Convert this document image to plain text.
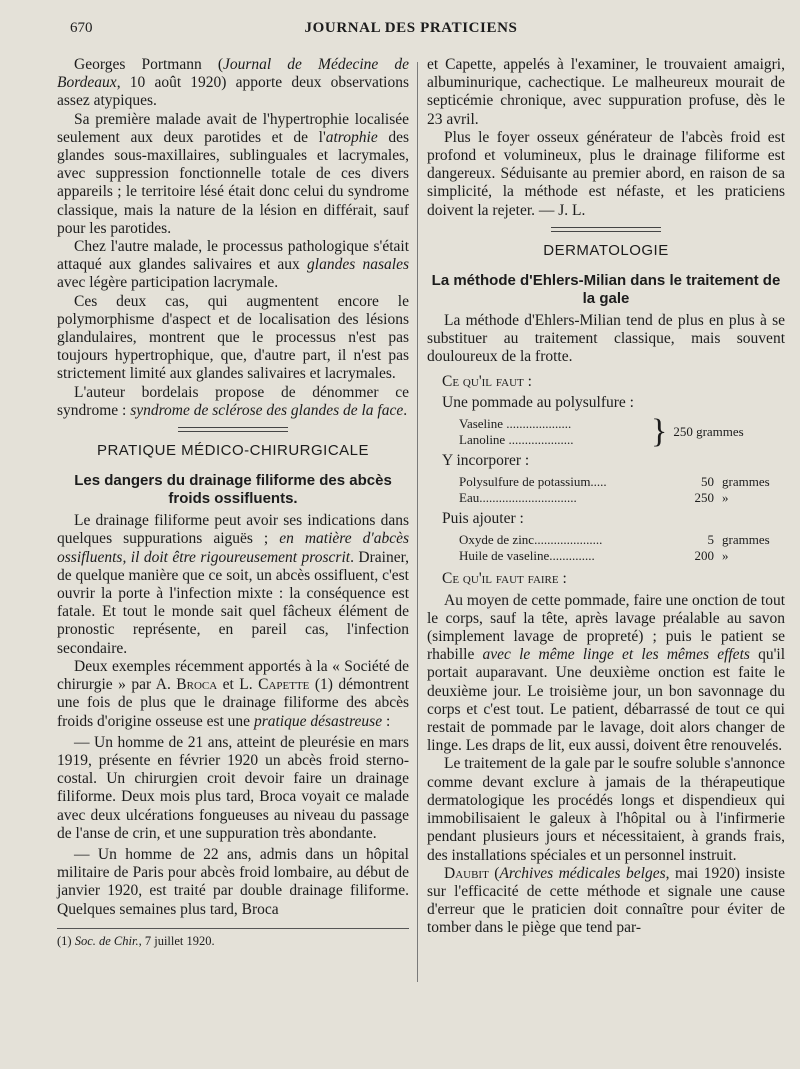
670	JOURNAL DES PRATICIENS

Georges Portmann (Journal de Médecine de Bordeaux, 10 août 1920) apporte deux observations assez atypiques.

Sa première malade avait de l'hypertrophie localisée seulement aux deux parotides et de l'atrophie des glandes sous-maxillaires, sublinguales et lacrymales, avec suppression fonctionnelle totale de ces divers appareils ; le territoire lésé était donc celui du syndrome classique, mais la nature de la lésion en différait, sauf pour les parotides.

Chez l'autre malade, le processus pathologique s'était attaqué aux glandes salivaires et aux glandes nasales avec légère participation lacrymale.

Ces deux cas, qui augmentent encore le polymorphisme d'aspect et de localisation des lésions glandulaires, montrent que le processus n'est pas toujours hypertrophique, que, d'autre part, il n'est pas strictement limité aux glandes salivaires et lacrymales.

L'auteur bordelais propose de dénommer ce syndrome : syndrome de sclérose des glandes de la face.

PRATIQUE MÉDICO-CHIRURGICALE
Les dangers du drainage filiforme des abcès froids ossifluents.

Le drainage filiforme peut avoir ses indications dans quelques suppurations aiguës ; en matière d'abcès ossifluents, il doit être rigoureusement proscrit. Drainer, de quelque manière que ce soit, un abcès ossifluent, c'est ouvrir la porte à l'infection mixte : la conséquence est fatale. Et tout le monde sait quel fâcheux élément de pronostic représente, en pareil cas, l'infection secondaire.

Deux exemples récemment apportés à la « Société de chirurgie » par A. Broca et L. Capette (1) démontrent une fois de plus que le drainage filiforme des abcès froids d'origine osseuse est une pratique désastreuse :

— Un homme de 21 ans, atteint de pleurésie en mars 1919, présente en février 1920 un abcès froid sterno-costal. Un chirurgien croit devoir faire un drainage filiforme. Deux mois plus tard, Broca voyait ce malade avec deux ulcérations fongueuses au niveau du passage de l'anse de crin, et une suppuration très abondante.

— Un homme de 22 ans, admis dans un hôpital militaire de Paris pour abcès froid lombaire, au début de janvier 1920, est traité par double drainage filiforme. Quelques semaines plus tard, Broca

(1) Soc. de Chir., 7 juillet 1920.

et Capette, appelés à l'examiner, le trouvaient amaigri, albuminurique, cachectique. Le malheureux mourait de septicémie chronique, avec suppuration profuse, dès le 23 avril.

Plus le foyer osseux générateur de l'abcès froid est profond et volumineux, plus le drainage filiforme est dangereux. Séduisante au premier abord, en raison de sa simplicité, la méthode est néfaste, et les praticiens doivent la rejeter. — J. L.

DERMATOLOGIE
La méthode d'Ehlers-Milian dans le traitement de la gale

La méthode d'Ehlers-Milian tend de plus en plus à se substituer au traitement classique, mais souvent douloureux de la frotte.

Ce qu'il faut :
Une pommade au polysulfure :
Vaseline ....................
Lanoline ....................	} 250 grammes
Y incorporer :
Polysulfure de potassium.....	50 grammes
Eau..............................	250 »
Puis ajouter :
Oxyde de zinc.....................	5 grammes
Huile de vaseline..............	200 »
Ce qu'il faut faire :

Au moyen de cette pommade, faire une onction de tout le corps, sauf la tête, après lavage préalable au savon (simplement lavage de propreté) ; puis le patient se rhabille avec le même linge et les mêmes effets qu'il portait auparavant. Une deuxième onction est faite le deuxième jour. Le troisième jour, un bon savonnage du corps et c'est tout. Le patient, débarrassé de tout ce qui restait de pommade par le lavage, doit alors changer de linge. Les draps de lit, eux aussi, doivent être renouvelés.

Le traitement de la gale par le soufre soluble s'annonce comme devant exclure à jamais de la thérapeutique dermatologique les procédés longs et dispendieux qui immobilisaient le galeux à l'hôpital ou à l'infirmerie pendant plusieurs jours et nécessitaient, à grands frais, des installations spéciales et un personnel instruit.

Daubit (Archives médicales belges, mai 1920) insiste sur l'efficacité de cette méthode et signale une cause d'erreur que le praticien doit connaître pour éviter de tomber dans le piège que tend par-
